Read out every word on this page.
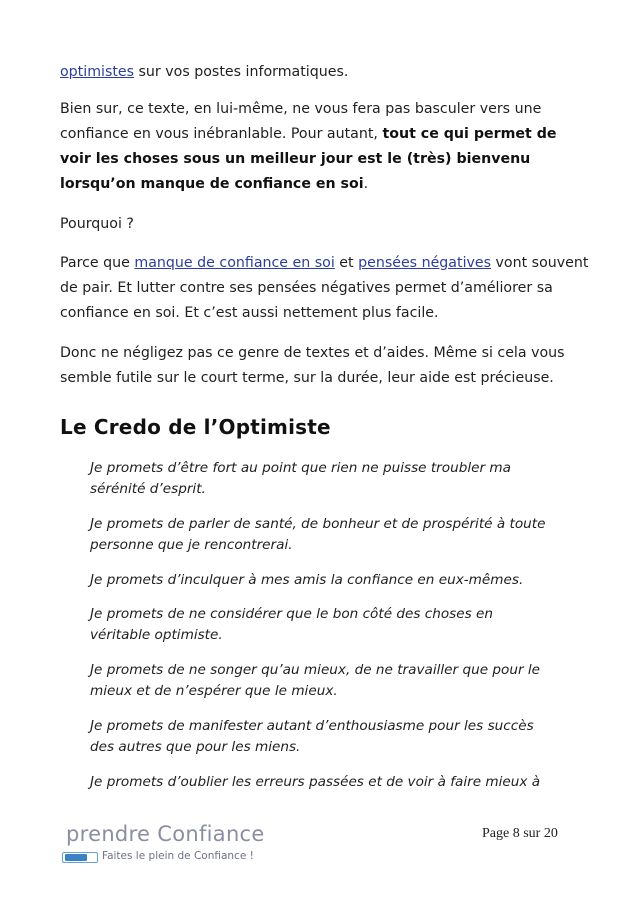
optimistes sur vos postes informatiques.
Bien sur, ce texte, en lui-même, ne vous fera pas basculer vers une confiance en vous inébranlable. Pour autant, tout ce qui permet de voir les choses sous un meilleur jour est le (très) bienvenu lorsqu’on manque de confiance en soi.
Pourquoi ?
Parce que manque de confiance en soi et pensées négatives vont souvent de pair. Et lutter contre ses pensées négatives permet d’améliorer sa confiance en soi. Et c’est aussi nettement plus facile.
Donc ne négligez pas ce genre de textes et d’aides. Même si cela vous semble futile sur le court terme, sur la durée, leur aide est précieuse.
Le Credo de l’Optimiste
Je promets d’être fort au point que rien ne puisse troubler ma sérénité d’esprit.
Je promets de parler de santé, de bonheur et de prospérité à toute personne que je rencontrerai.
Je promets d’inculquer à mes amis la confiance en eux-mêmes.
Je promets de ne considérer que le bon côté des choses en véritable optimiste.
Je promets de ne songer qu’au mieux, de ne travailler que pour le mieux et de n’espérer que le mieux.
Je promets de manifester autant d’enthousiasme pour les succès des autres que pour les miens.
Je promets d’oublier les erreurs passées et de voir à faire mieux à
prendre Confiance
Faites le plein de Confiance !
Page 8 sur 20
